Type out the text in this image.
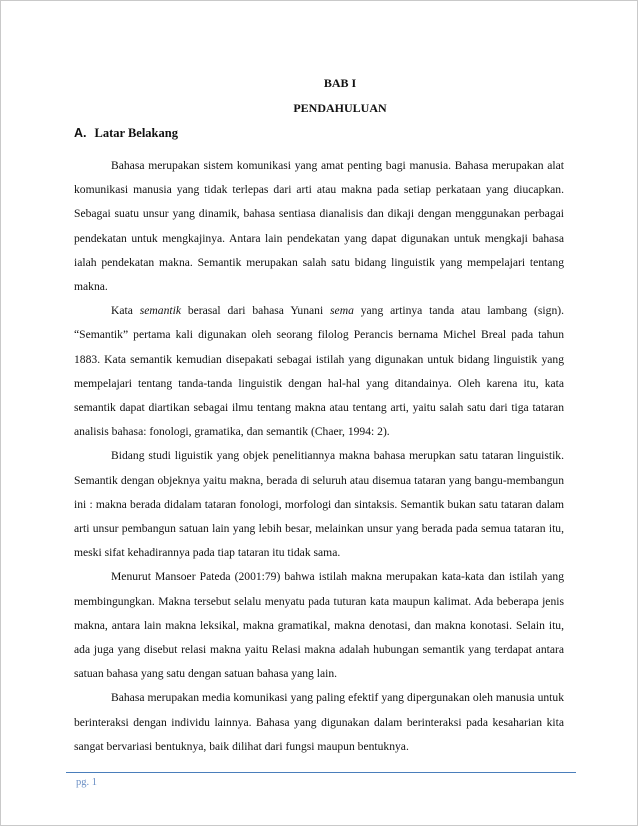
BAB I
PENDAHULUAN
A. Latar Belakang

Bahasa merupakan sistem komunikasi yang amat penting bagi manusia. Bahasa merupakan alat komunikasi manusia yang tidak terlepas dari arti atau makna pada setiap perkataan yang diucapkan. Sebagai suatu unsur yang dinamik, bahasa sentiasa dianalisis dan dikaji dengan menggunakan perbagai pendekatan untuk mengkajinya. Antara lain pendekatan yang dapat digunakan untuk mengkaji bahasa ialah pendekatan makna. Semantik merupakan salah satu bidang linguistik yang mempelajari tentang makna.

Kata semantik berasal dari bahasa Yunani sema yang artinya tanda atau lambang (sign). “Semantik” pertama kali digunakan oleh seorang filolog Perancis bernama Michel Breal pada tahun 1883. Kata semantik kemudian disepakati sebagai istilah yang digunakan untuk bidang linguistik yang mempelajari tentang tanda-tanda linguistik dengan hal-hal yang ditandainya. Oleh karena itu, kata semantik dapat diartikan sebagai ilmu tentang makna atau tentang arti, yaitu salah satu dari tiga tataran analisis bahasa: fonologi, gramatika, dan semantik (Chaer, 1994: 2).

Bidang studi liguistik yang objek penelitiannya makna bahasa merupkan satu tataran linguistik. Semantik dengan objeknya yaitu makna, berada di seluruh atau disemua tataran yang bangu-membangun ini : makna berada didalam tataran fonologi, morfologi dan sintaksis. Semantik bukan satu tataran dalam arti unsur pembangun satuan lain yang lebih besar, melainkan unsur yang berada pada semua tataran itu, meski sifat kehadirannya pada tiap tataran itu tidak sama.

Menurut Mansoer Pateda (2001:79) bahwa istilah makna merupakan kata-kata dan istilah yang membingungkan. Makna tersebut selalu menyatu pada tuturan kata maupun kalimat. Ada beberapa jenis makna, antara lain makna leksikal, makna gramatikal, makna denotasi, dan makna konotasi. Selain itu, ada juga yang disebut relasi makna yaitu Relasi makna adalah hubungan semantik yang terdapat antara satuan bahasa yang satu dengan satuan bahasa yang lain.

Bahasa merupakan media komunikasi yang paling efektif yang dipergunakan oleh manusia untuk berinteraksi dengan individu lainnya. Bahasa yang digunakan dalam berinteraksi pada kesaharian kita sangat bervariasi bentuknya, baik dilihat dari fungsi maupun bentuknya.

pg. 1
